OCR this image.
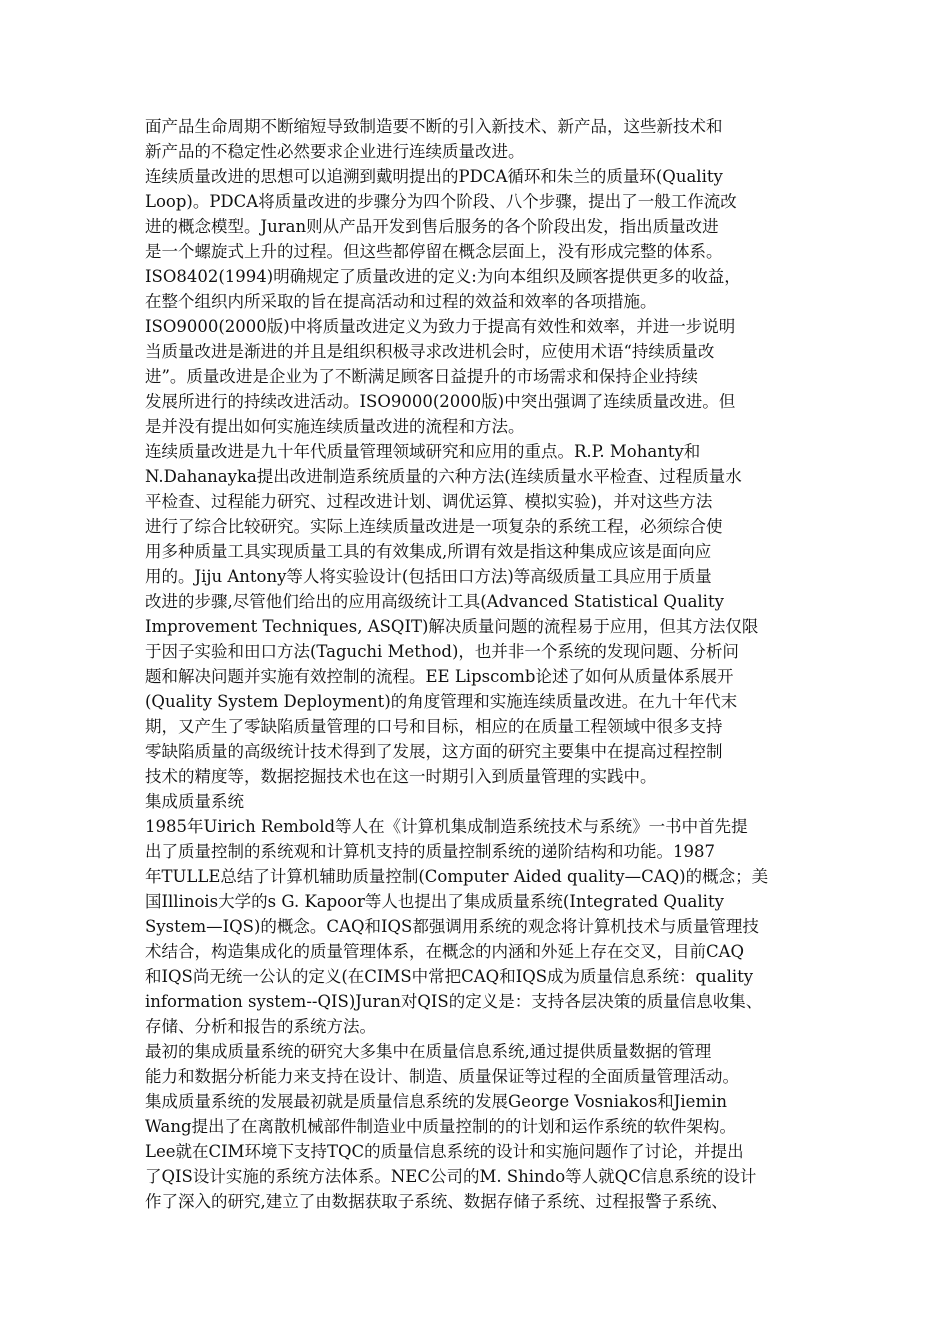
面产品生命周期不断缩短导致制造要不断的引入新技术、新产品，这些新技术和
新产品的不稳定性必然要求企业进行连续质量改进。
连续质量改进的思想可以追溯到戴明提出的PDCA循环和朱兰的质量环(Quality
Loop)。PDCA将质量改进的步骤分为四个阶段、八个步骤，提出了一般工作流改
进的概念模型。Juran则从产品开发到售后服务的各个阶段出发，指出质量改进
是一个螺旋式上升的过程。但这些都停留在概念层面上，没有形成完整的体系。
ISO8402(1994)明确规定了质量改进的定义:为向本组织及顾客提供更多的收益，
在整个组织内所采取的旨在提高活动和过程的效益和效率的各项措施。
ISO9000(2000版)中将质量改进定义为致力于提高有效性和效率，并进一步说明
当质量改进是渐进的并且是组织积极寻求改进机会时，应使用术语“持续质量改
进”。质量改进是企业为了不断满足顾客日益提升的市场需求和保持企业持续
发展所进行的持续改进活动。ISO9000(2000版)中突出强调了连续质量改进。但
是并没有提出如何实施连续质量改进的流程和方法。
连续质量改进是九十年代质量管理领域研究和应用的重点。R.P. Mohanty和
N.Dahanayka提出改进制造系统质量的六种方法(连续质量水平检查、过程质量水
平检查、过程能力研究、过程改进计划、调优运算、模拟实验)，并对这些方法
进行了综合比较研究。实际上连续质量改进是一项复杂的系统工程，必须综合使
用多种质量工具实现质量工具的有效集成,所谓有效是指这种集成应该是面向应
用的。Jiju Antony等人将实验设计(包括田口方法)等高级质量工具应用于质量
改进的步骤,尽管他们给出的应用高级统计工具(Advanced Statistical Quality
Improvement Techniques, ASQIT)解决质量问题的流程易于应用，但其方法仅限
于因子实验和田口方法(Taguchi Method)，也并非一个系统的发现问题、分析问
题和解决问题并实施有效控制的流程。EE Lipscomb论述了如何从质量体系展开
(Quality System Deployment)的角度管理和实施连续质量改进。在九十年代末
期，又产生了零缺陷质量管理的口号和目标，相应的在质量工程领域中很多支持
零缺陷质量的高级统计技术得到了发展，这方面的研究主要集中在提高过程控制
技术的精度等，数据挖掘技术也在这一时期引入到质量管理的实践中。
集成质量系统
1985年Uirich Rembold等人在《计算机集成制造系统技术与系统》一书中首先提
出了质量控制的系统观和计算机支持的质量控制系统的递阶结构和功能。1987
年TULLE总结了计算机辅助质量控制(Computer Aided quality—CAQ)的概念；美
国Illinois大学的s G. Kapoor等人也提出了集成质量系统(Integrated Quality
System—IQS)的概念。CAQ和IQS都强调用系统的观念将计算机技术与质量管理技
术结合，构造集成化的质量管理体系，在概念的内涵和外延上存在交叉，目前CAQ
和IQS尚无统一公认的定义(在CIMS中常把CAQ和IQS成为质量信息系统：quality
information system--QIS)Juran对QIS的定义是：支持各层决策的质量信息收集、
存储、分析和报告的系统方法。
最初的集成质量系统的研究大多集中在质量信息系统,通过提供质量数据的管理
能力和数据分析能力来支持在设计、制造、质量保证等过程的全面质量管理活动。
集成质量系统的发展最初就是质量信息系统的发展George Vosniakos和Jiemin
Wang提出了在离散机械部件制造业中质量控制的的计划和运作系统的软件架构。
Lee就在CIM环境下支持TQC的质量信息系统的设计和实施问题作了讨论，并提出
了QIS设计实施的系统方法体系。NEC公司的M. Shindo等人就QC信息系统的设计
作了深入的研究,建立了由数据获取子系统、数据存储子系统、过程报警子系统、
